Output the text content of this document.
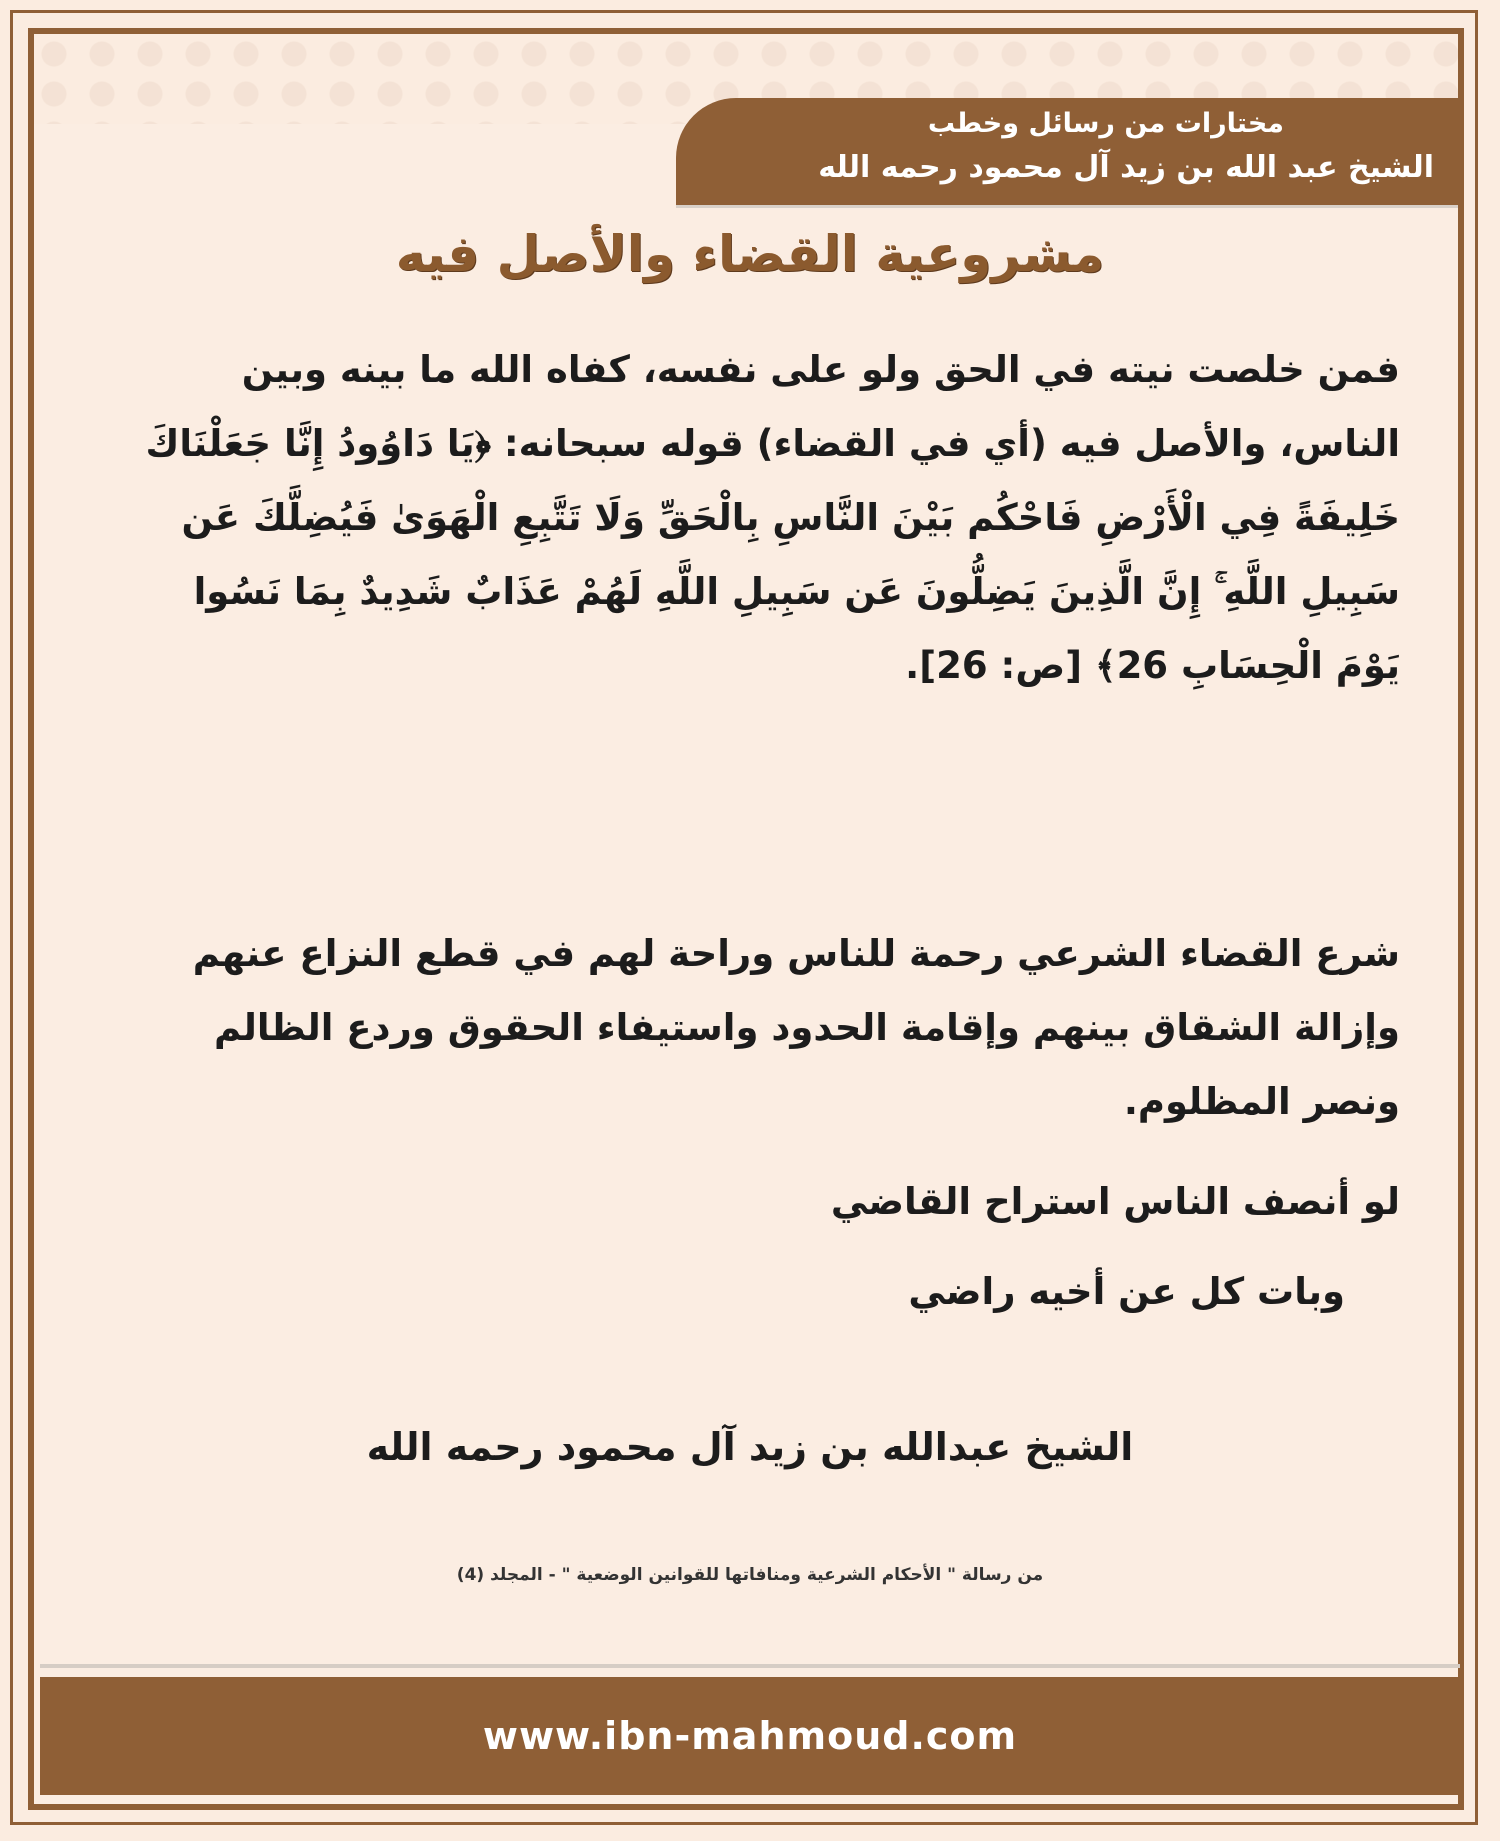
مختارات من رسائل وخطب
الشيخ عبد الله بن زيد آل محمود رحمه الله
مشروعية القضاء والأصل فيه
فمن خلصت نيته في الحق ولو على نفسه، كفاه الله ما بينه وبين الناس، والأصل فيه (أي في القضاء) قوله سبحانه: ﴿يَا دَاوُودُ إِنَّا جَعَلْنَاكَ خَلِيفَةً فِي الْأَرْضِ فَاحْكُم بَيْنَ النَّاسِ بِالْحَقِّ وَلَا تَتَّبِعِ الْهَوَىٰ فَيُضِلَّكَ عَن سَبِيلِ اللَّهِ ۚ إِنَّ الَّذِينَ يَضِلُّونَ عَن سَبِيلِ اللَّهِ لَهُمْ عَذَابٌ شَدِيدٌ بِمَا نَسُوا يَوْمَ الْحِسَابِ 26﴾ [ص: 26].
شرع القضاء الشرعي رحمة للناس وراحة لهم في قطع النزاع عنهم وإزالة الشقاق بينهم وإقامة الحدود واستيفاء الحقوق وردع الظالم ونصر المظلوم.
لو أنصف الناس استراح القاضي
وبات كل عن أخيه راضي
الشيخ عبدالله بن زيد آل محمود رحمه الله
من رسالة " الأحكام الشرعية ومنافاتها للقوانين الوضعية " - المجلد (4)
www.ibn-mahmoud.com
